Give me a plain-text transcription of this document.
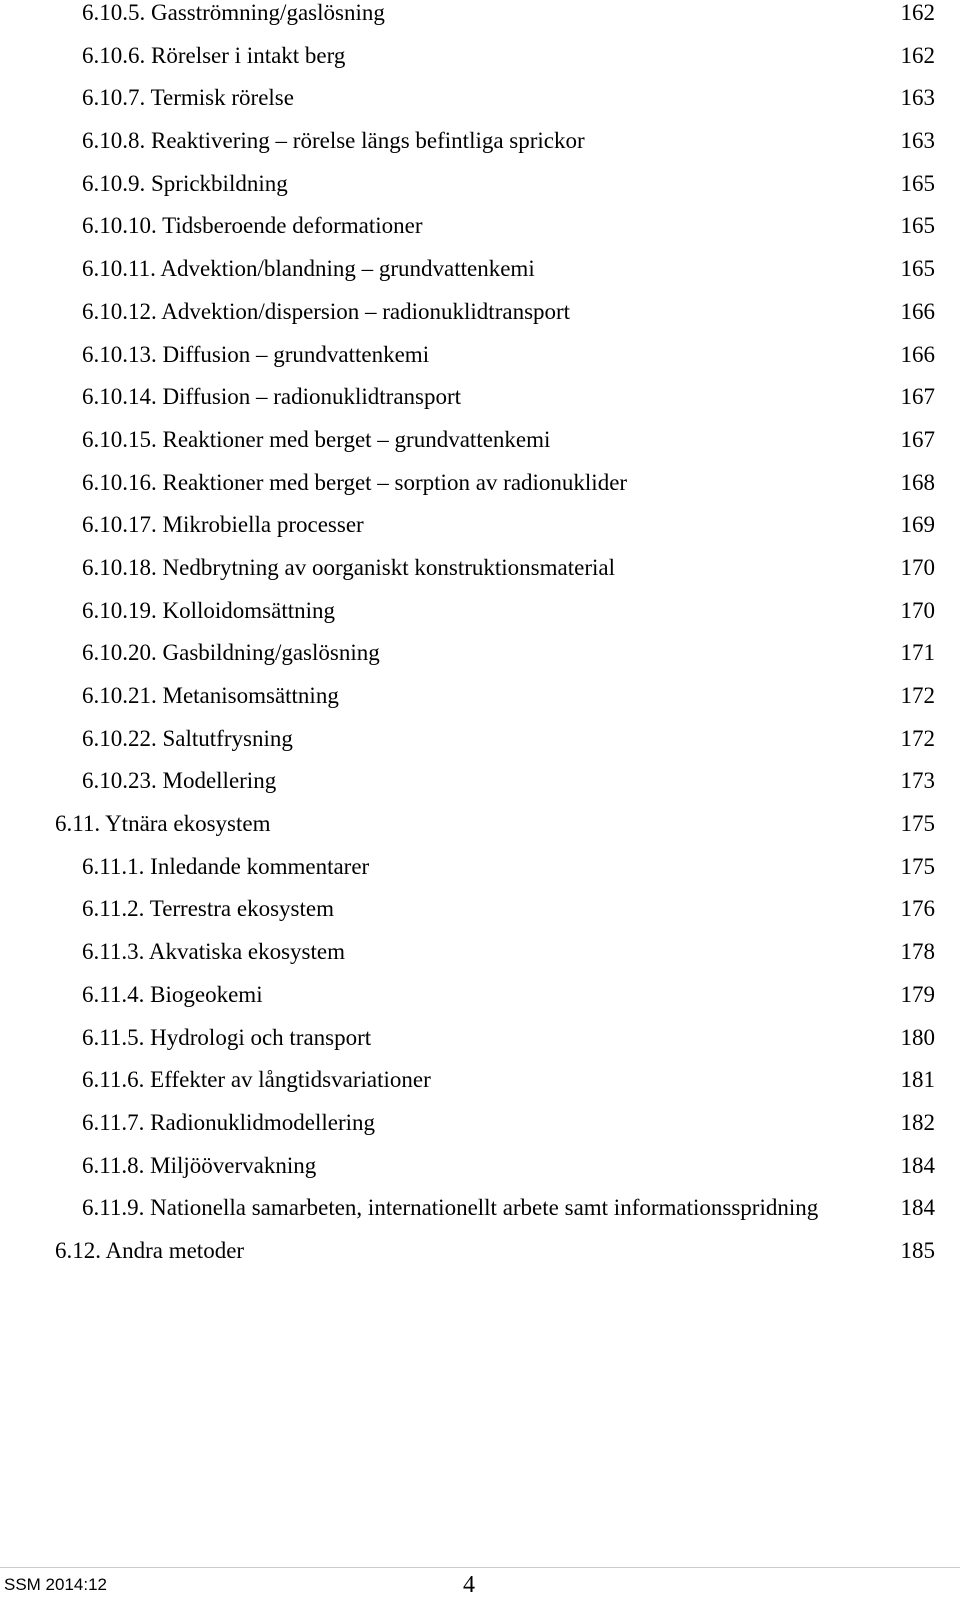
6.10.5. Gasströmning/gaslösning	162
6.10.6. Rörelser i intakt berg	162
6.10.7. Termisk rörelse	163
6.10.8. Reaktivering – rörelse längs befintliga sprickor	163
6.10.9. Sprickbildning	165
6.10.10. Tidsberoende deformationer	165
6.10.11. Advektion/blandning – grundvattenkemi	165
6.10.12. Advektion/dispersion – radionuklidtransport	166
6.10.13. Diffusion – grundvattenkemi	166
6.10.14. Diffusion – radionuklidtransport	167
6.10.15. Reaktioner med berget – grundvattenkemi	167
6.10.16. Reaktioner med berget – sorption av radionuklider	168
6.10.17. Mikrobiella processer	169
6.10.18. Nedbrytning av oorganiskt konstruktionsmaterial	170
6.10.19. Kolloidomsättning	170
6.10.20. Gasbildning/gaslösning	171
6.10.21. Metanisomsättning	172
6.10.22. Saltutfrysning	172
6.10.23. Modellering	173
6.11. Ytnära ekosystem	175
6.11.1. Inledande kommentarer	175
6.11.2. Terrestra ekosystem	176
6.11.3. Akvatiska ekosystem	178
6.11.4. Biogeokemi	179
6.11.5. Hydrologi och transport	180
6.11.6. Effekter av långtidsvariationer	181
6.11.7. Radionuklidmodellering	182
6.11.8. Miljöövervakning	184
6.11.9. Nationella samarbeten, internationellt arbete samt informationsspridning	184
6.12. Andra metoder	185
SSM 2014:12	4
